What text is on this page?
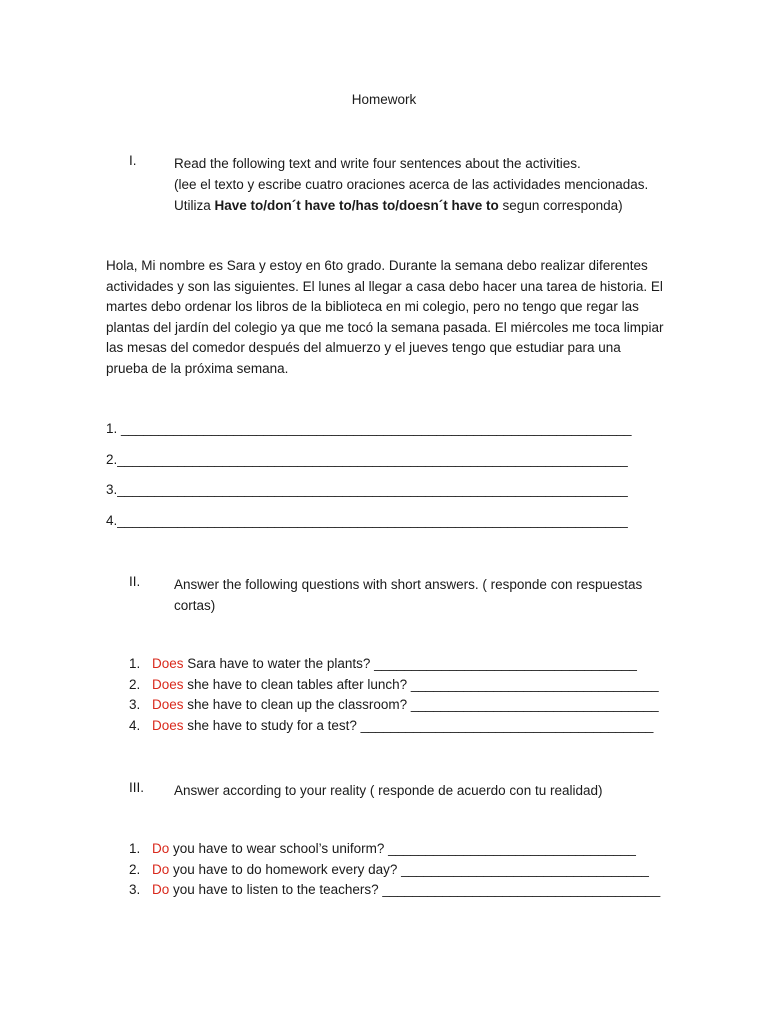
Homework
I.	Read the following text and write four sentences about the activities.
(lee el texto y escribe cuatro oraciones acerca de las actividades mencionadas.
Utiliza Have to/don´t have to/has to/doesn´t have to segun corresponda)
Hola, Mi nombre es Sara y estoy en 6to grado. Durante la semana debo realizar diferentes actividades y son las siguientes. El lunes al llegar a casa debo hacer una tarea de historia. El martes debo ordenar los libros de la biblioteca en mi colegio, pero no tengo que regar las plantas del jardín del colegio ya que me tocó la semana pasada. El miércoles me toca limpiar las mesas del comedor después del almuerzo y el jueves tengo que estudiar para una prueba de la próxima semana.
1. ____________________________________________________________________
2.____________________________________________________________________
3.____________________________________________________________________
4.____________________________________________________________________
II. Answer the following questions with short answers. ( responde con respuestas
cortas)
1. Does Sara have to water the plants? ___________________________________
2. Does she have to clean tables after lunch? _________________________________
3. Does she have to clean up the classroom? _________________________________
4. Does she have to study for a test? _______________________________________
III. Answer according to your reality ( responde de acuerdo con tu realidad)
1. Do you have to wear school’s uniform? _________________________________
2. Do you have to do homework every day? _________________________________
3. Do you have to listen to the teachers? _____________________________________
